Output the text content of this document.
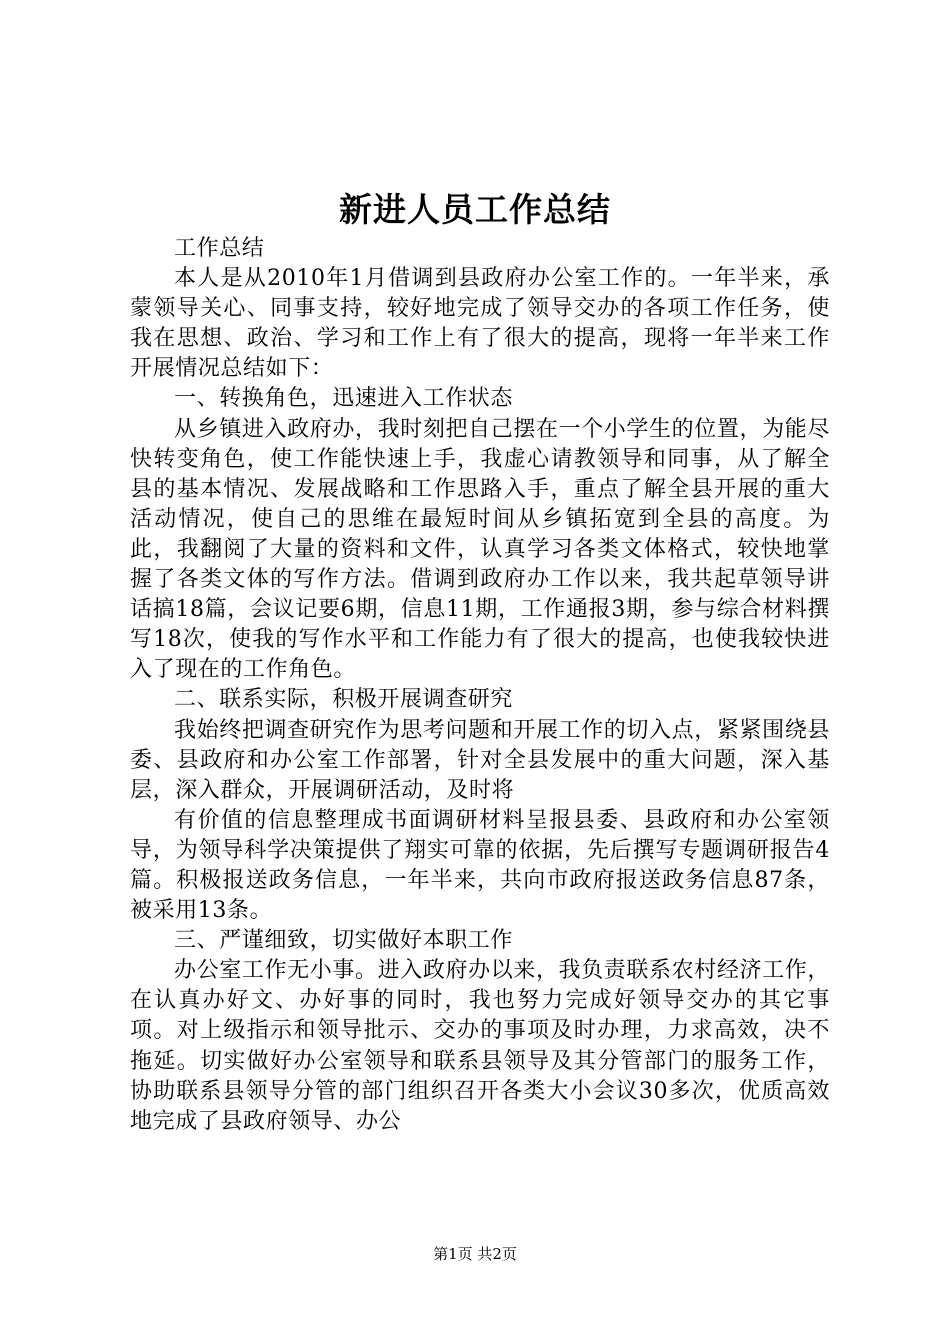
新进人员工作总结

工作总结

本人是从2010年1月借调到县政府办公室工作的。一年半来，承蒙领导关心、同事支持，较好地完成了领导交办的各项工作任务，使我在思想、政治、学习和工作上有了很大的提高，现将一年半来工作开展情况总结如下：

一、转换角色，迅速进入工作状态

从乡镇进入政府办，我时刻把自己摆在一个小学生的位置，为能尽快转变角色，使工作能快速上手，我虚心请教领导和同事，从了解全县的基本情况、发展战略和工作思路入手，重点了解全县开展的重大活动情况，使自己的思维在最短时间从乡镇拓宽到全县的高度。为此，我翻阅了大量的资料和文件，认真学习各类文体格式，较快地掌握了各类文体的写作方法。借调到政府办工作以来，我共起草领导讲话搞18篇，会议记要6期，信息11期，工作通报3期，参与综合材料撰写18次，使我的写作水平和工作能力有了很大的提高，也使我较快进入了现在的工作角色。

二、联系实际，积极开展调查研究

我始终把调查研究作为思考问题和开展工作的切入点，紧紧围绕县委、县政府和办公室工作部署，针对全县发展中的重大问题，深入基层，深入群众，开展调研活动，及时将

有价值的信息整理成书面调研材料呈报县委、县政府和办公室领导，为领导科学决策提供了翔实可靠的依据，先后撰写专题调研报告4篇。积极报送政务信息，一年半来，共向市政府报送政务信息87条，被采用13条。

三、严谨细致，切实做好本职工作

办公室工作无小事。进入政府办以来，我负责联系农村经济工作，在认真办好文、办好事的同时，我也努力完成好领导交办的其它事项。对上级指示和领导批示、交办的事项及时办理，力求高效，决不拖延。切实做好办公室领导和联系县领导及其分管部门的服务工作，协助联系县领导分管的部门组织召开各类大小会议30多次，优质高效地完成了县政府领导、办公

第1页 共2页
